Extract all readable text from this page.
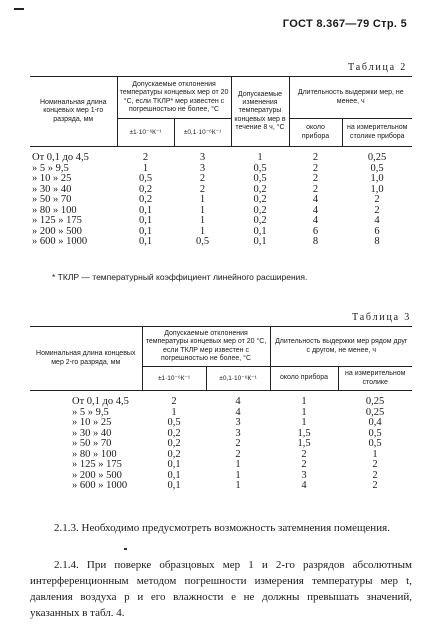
ГОСТ 8.367—79 Стр. 5
Таблица 2
Номинальная длина концевых мер 1-го разряда, мм	Допускаемые отклонения температуры концевых мер от 20 °С, если ТКЛР* мер известен с погрешностью не более, °С		Допускаемые изменения температуры концевых мер в течение 8 ч, °С	Длительность выдержки мер, не менее, ч	
	±1·10⁻⁶К⁻¹	±0,1·10⁻⁶К⁻¹		около прибора	на измерительном столике прибора
От 0,1 до 4,5	2	3	1	2	0,25
» 5 » 9,5	1	3	0,5	2	0,5
» 10 » 25	0,5	2	0,5	2	1,0
» 30 » 40	0,2	2	0,2	2	1,0
» 50 » 70	0,2	1	0,2	4	2
» 80 » 100	0,1	1	0,2	4	2
» 125 » 175	0,1	1	0,2	4	4
» 200 » 500	0,1	1	0,1	6	6
» 600 » 1000	0,1	0,5	0,1	8	8
* ТКЛР — температурный коэффициент линейного расширения.
Таблица 3
Номинальная длина концевых мер 2-го разряда, мм	Допускаемые отклонения температуры концевых мер от 20 °С, если ТКЛР мер известен с погрешностью не более, °С		Длительность выдержки мер рядом друг с другом, не менее, ч	
	±1·10⁻⁶К⁻¹	±0,1·10⁻⁶К⁻¹	около прибора	на измерительном столике
От 0,1 до 4,5	2	4	1	0,25
» 5 » 9,5	1	4	1	0,25
» 10 » 25	0,5	3	1	0,4
» 30 » 40	0,2	3	1,5	0,5
» 50 » 70	0,2	2	1,5	0,5
» 80 » 100	0,2	2	2	1
» 125 » 175	0,1	1	2	2
» 200 » 500	0,1	1	3	2
» 600 » 1000	0,1	1	4	2

2.1.3. Необходимо предусмотреть возможность затемнения помещения.

2.1.4. При поверке образцовых мер 1 и 2-го разрядов абсолютным интерференционным методом погрешности измерения температуры мер t, давления воздуха p и его влажности e не должны превышать значений, указанных в табл. 4.
